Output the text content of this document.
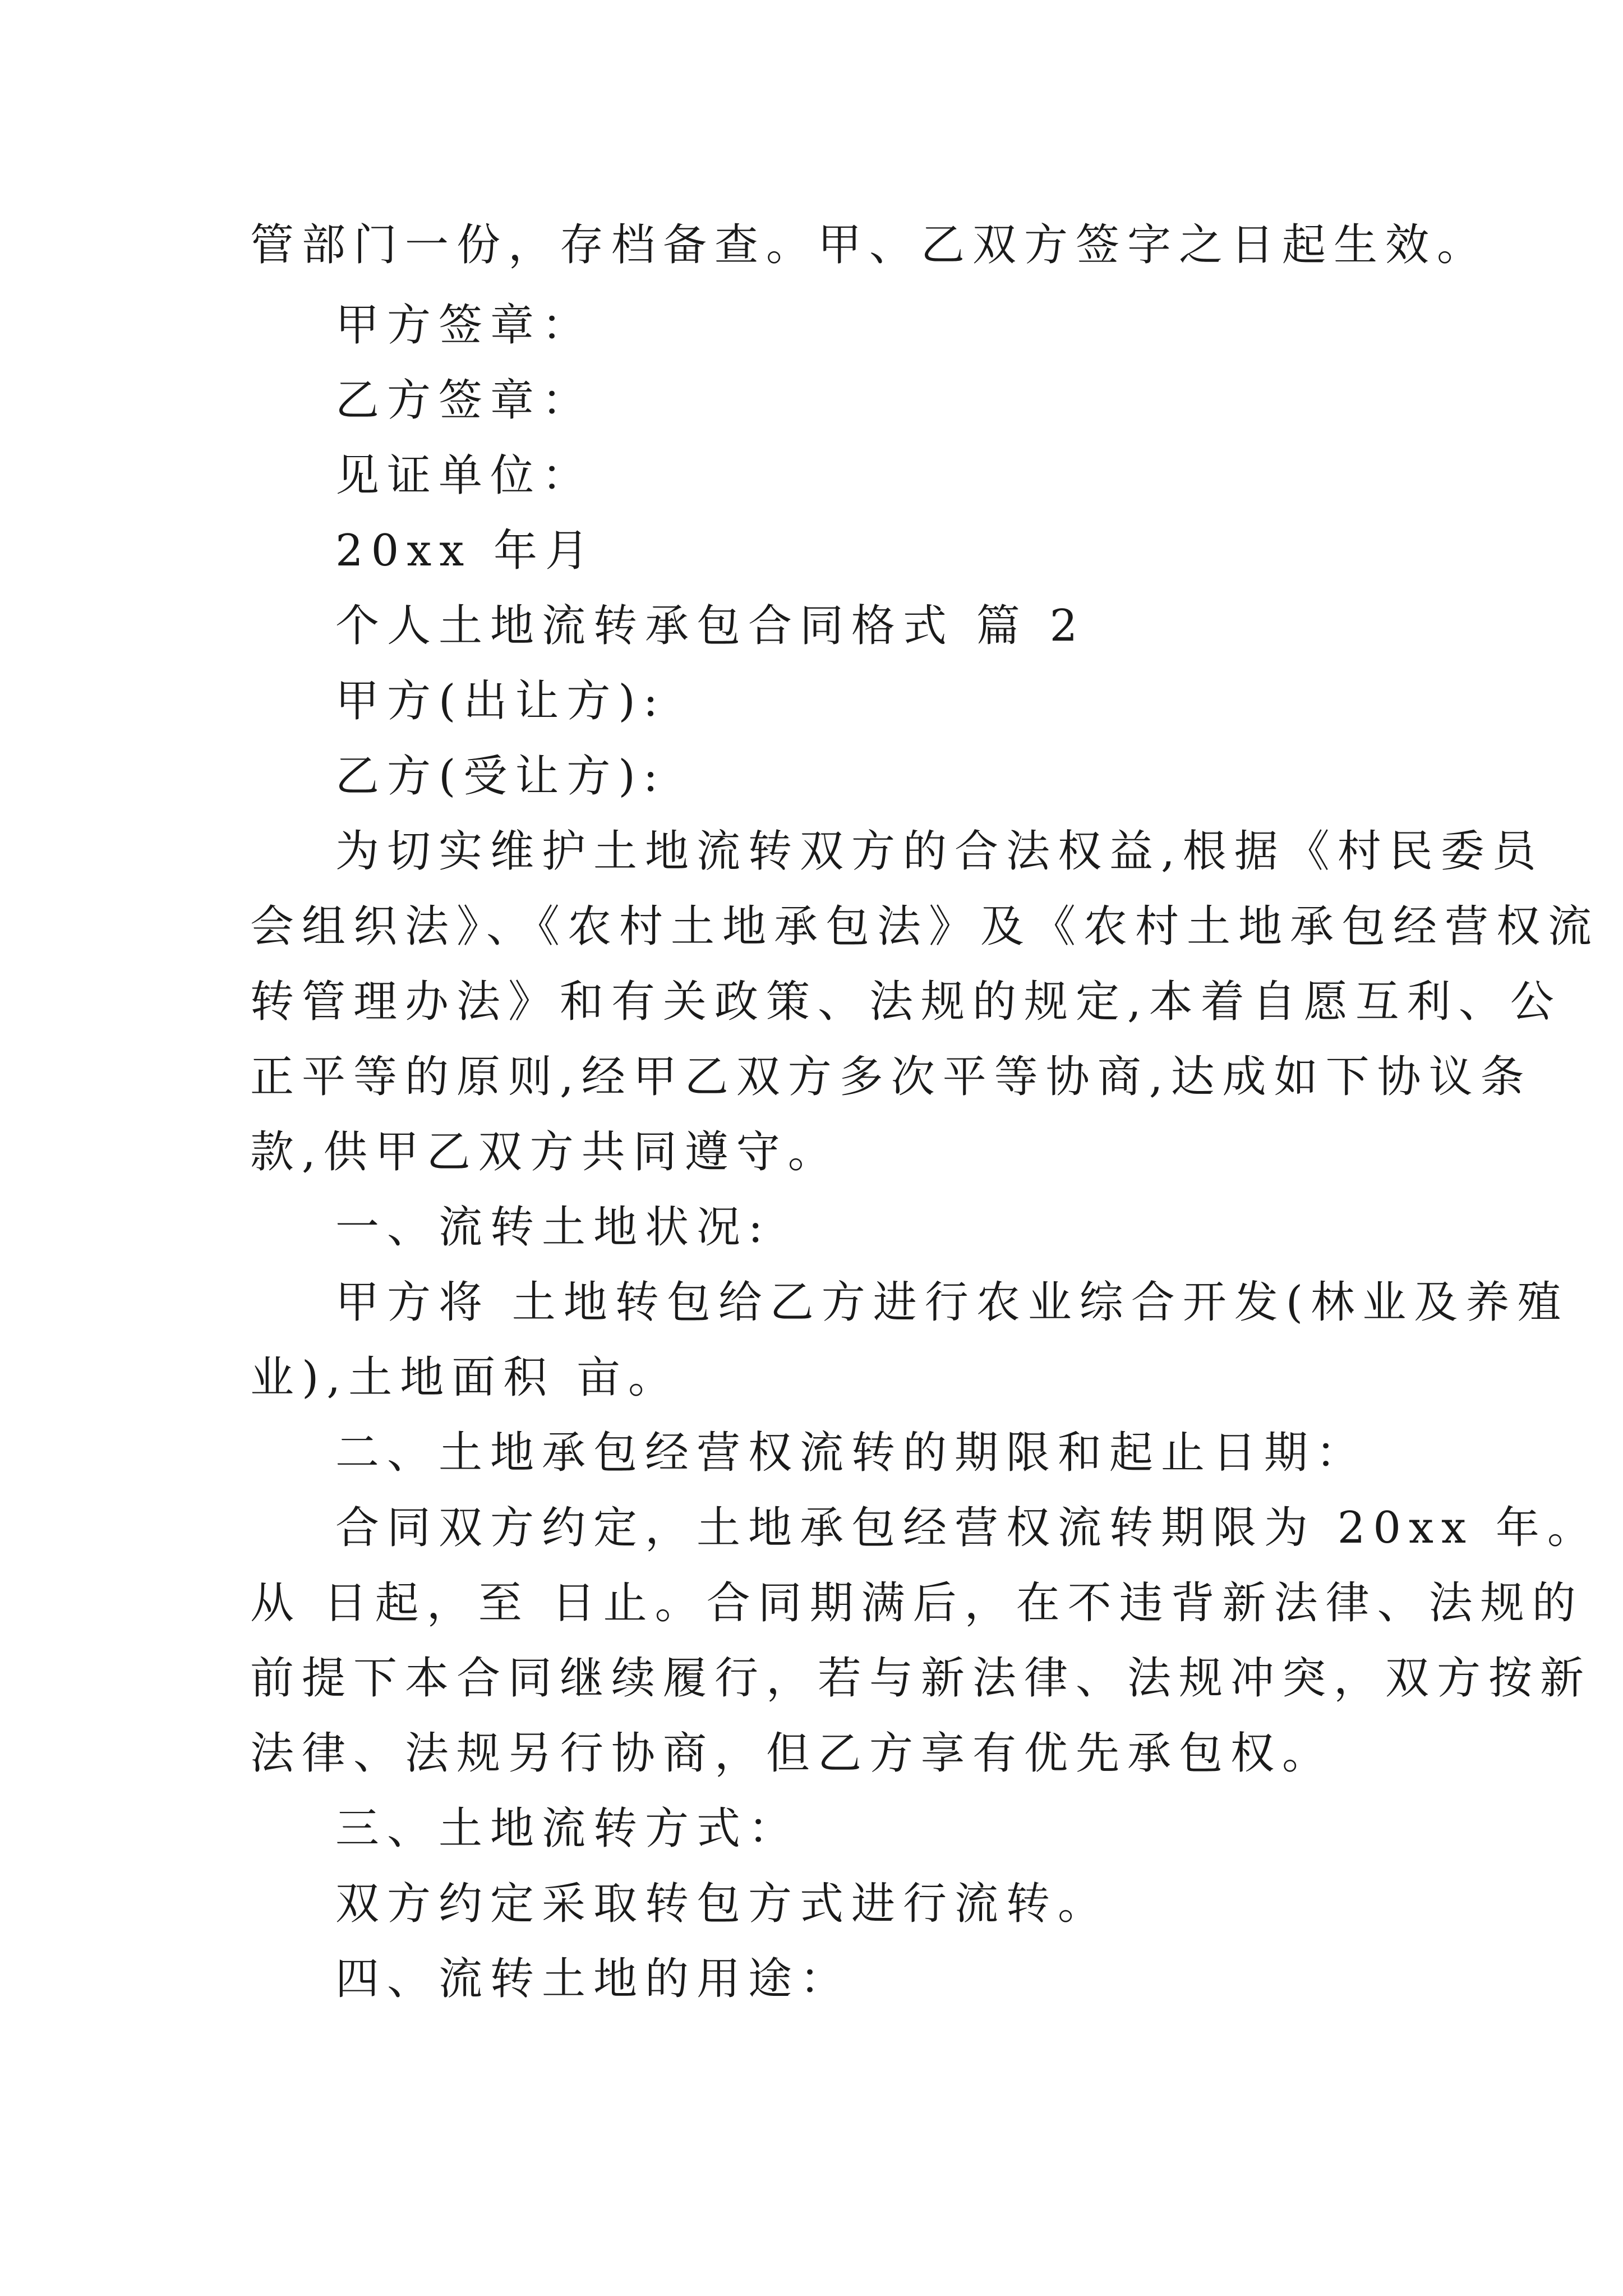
管部门一份，存档备查。甲、乙双方签字之日起生效。

甲方签章：

乙方签章：

见证单位：

20xx 年月

个人土地流转承包合同格式 篇 2

甲方(出让方):

乙方(受让方):

为切实维护土地流转双方的合法权益,根据《村民委员

会组织法》、《农村土地承包法》及《农村土地承包经营权流

转管理办法》和有关政策、法规的规定,本着自愿互利、公

正平等的原则,经甲乙双方多次平等协商,达成如下协议条

款,供甲乙双方共同遵守。

一、流转土地状况:

甲方将 土地转包给乙方进行农业综合开发(林业及养殖

业),土地面积 亩。

二、土地承包经营权流转的期限和起止日期：

合同双方约定，土地承包经营权流转期限为 20xx 年。

从 日起，至 日止。合同期满后，在不违背新法律、法规的

前提下本合同继续履行，若与新法律、法规冲突，双方按新

法律、法规另行协商，但乙方享有优先承包权。

三、土地流转方式：

双方约定采取转包方式进行流转。

四、流转土地的用途：
